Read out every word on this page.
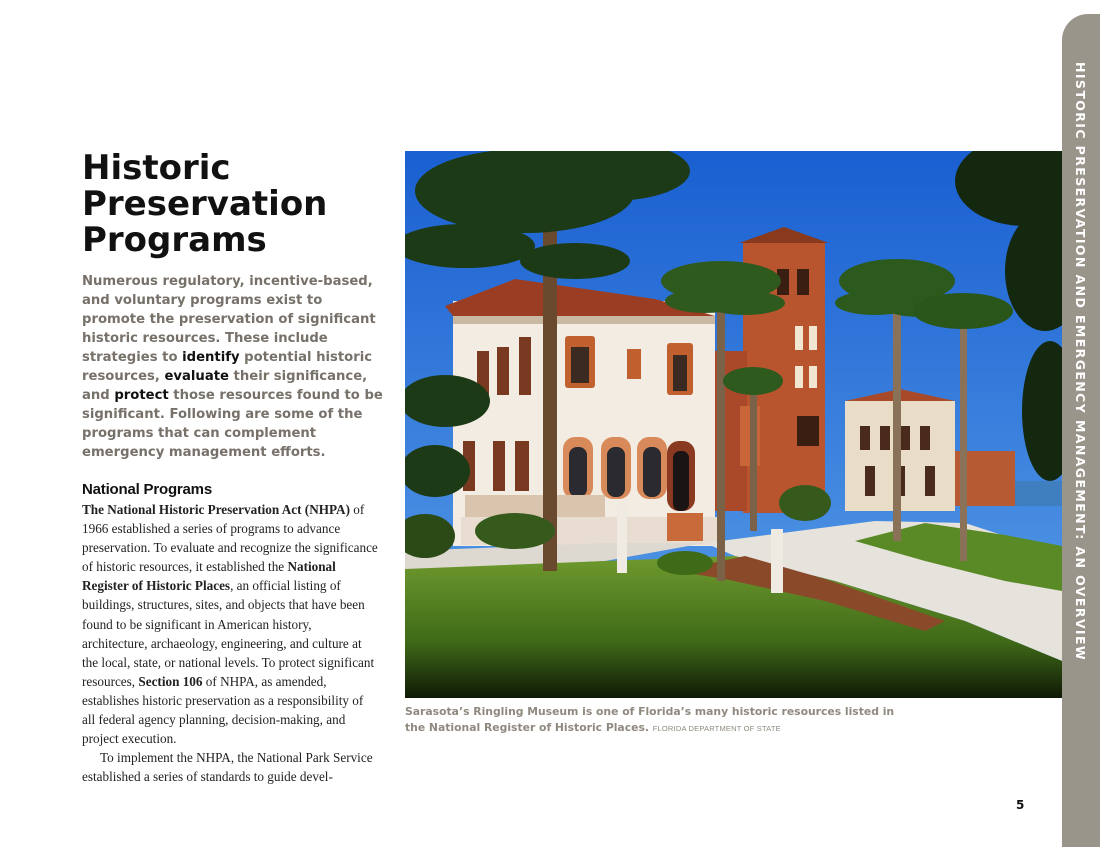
HISTORIC PRESERVATION AND EMERGENCY MANAGEMENT: AN OVERVIEW
Historic
Preservation
Programs

Numerous regulatory, incentive-based, and voluntary programs exist to promote the preservation of significant historic resources. These include strategies to identify potential historic resources, evaluate their significance, and protect those resources found to be significant. Following are some of the programs that can complement emergency management efforts.

National Programs

The National Historic Preservation Act (NHPA) of 1966 established a series of programs to advance preservation. To evaluate and recognize the significance of historic resources, it established the National Register of Historic Places, an official listing of buildings, structures, sites, and objects that have been found to be significant in American history, architecture, archaeology, engineering, and culture at the local, state, or national levels. To protect significant resources, Section 106 of NHPA, as amended, establishes historic preservation as a responsibility of all federal agency planning, decision-making, and project execution.

To implement the NHPA, the National Park Service established a series of standards to guide devel-

Sarasota’s Ringling Museum is one of Florida’s many historic resources listed in the National Register of Historic Places. FLORIDA DEPARTMENT OF STATE

5
